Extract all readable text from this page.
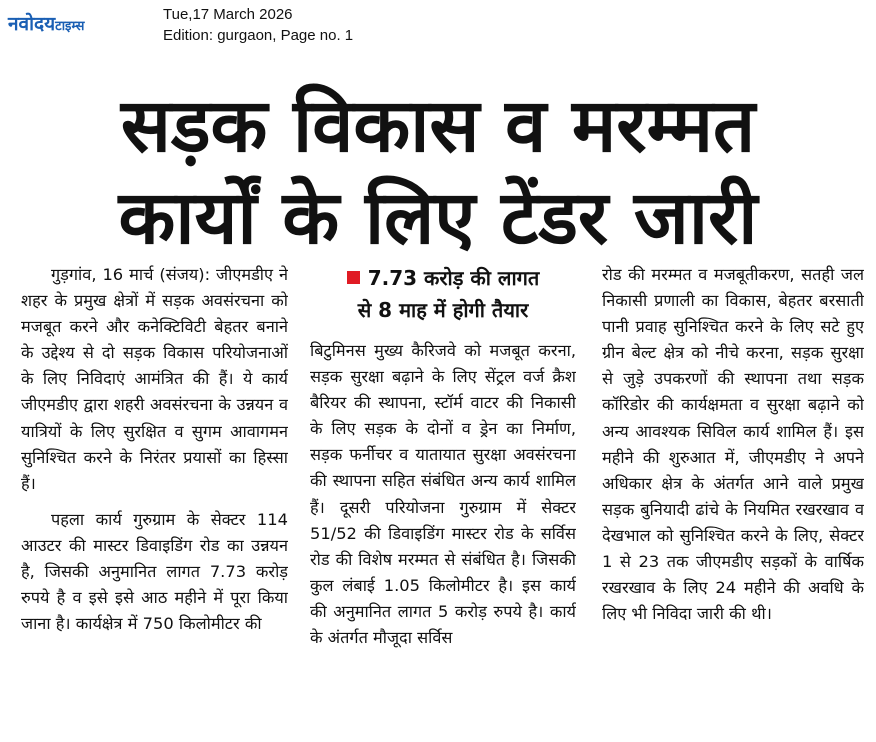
नवोदयटाइम्स
Tue,17 March 2026
Edition: gurgaon, Page no. 1
सड़क विकास व मरम्मत
कार्यों के लिए टेंडर जारी

गुड़गांव, 16 मार्च (संजय): जीएमडीए ने शहर के प्रमुख क्षेत्रों में सड़क अवसंरचना को मजबूत करने और कनेक्टिविटी बेहतर बनाने के उद्देश्य से दो सड़क विकास परियोजनाओं के लिए निविदाएं आमंत्रित की हैं। ये कार्य जीएमडीए द्वारा शहरी अवसंरचना के उन्नयन व यात्रियों के लिए सुरक्षित व सुगम आवागमन सुनिश्चित करने के निरंतर प्रयासों का हिस्सा हैं।

पहला कार्य गुरुग्राम के सेक्टर 114 आउटर की मास्टर डिवाइडिंग रोड का उन्नयन है, जिसकी अनुमानित लागत 7.73 करोड़ रुपये है व इसे इसे आठ महीने में पूरा किया जाना है। कार्यक्षेत्र में 750 किलोमीटर की

7.73 करोड़ की लागत
से 8 माह में होगी तैयार

बिटुमिनस मुख्य कैरिजवे को मजबूत करना, सड़क सुरक्षा बढ़ाने के लिए सेंट्रल वर्ज क्रैश बैरियर की स्थापना, स्टॉर्म वाटर की निकासी के लिए सड़क के दोनों व ड्रेन का निर्माण, सड़क फर्नीचर व यातायात सुरक्षा अवसंरचना की स्थापना सहित संबंधित अन्य कार्य शामिल हैं। दूसरी परियोजना गुरुग्राम में सेक्टर 51/52 की डिवाइडिंग मास्टर रोड के सर्विस रोड की विशेष मरम्मत से संबंधित है। जिसकी कुल लंबाई 1.05 किलोमीटर है। इस कार्य की अनुमानित लागत 5 करोड़ रुपये है। कार्य के अंतर्गत मौजूदा सर्विस

रोड की मरम्मत व मजबूतीकरण, सतही जल निकासी प्रणाली का विकास, बेहतर बरसाती पानी प्रवाह सुनिश्चित करने के लिए सटे हुए ग्रीन बेल्ट क्षेत्र को नीचे करना, सड़क सुरक्षा से जुड़े उपकरणों की स्थापना तथा सड़क कॉरिडोर की कार्यक्षमता व सुरक्षा बढ़ाने को अन्य आवश्यक सिविल कार्य शामिल हैं। इस महीने की शुरुआत में, जीएमडीए ने अपने अधिकार क्षेत्र के अंतर्गत आने वाले प्रमुख सड़क बुनियादी ढांचे के नियमित रखरखाव व देखभाल को सुनिश्चित करने के लिए, सेक्टर 1 से 23 तक जीएमडीए सड़कों के वार्षिक रखरखाव के लिए 24 महीने की अवधि के लिए भी निविदा जारी की थी।
